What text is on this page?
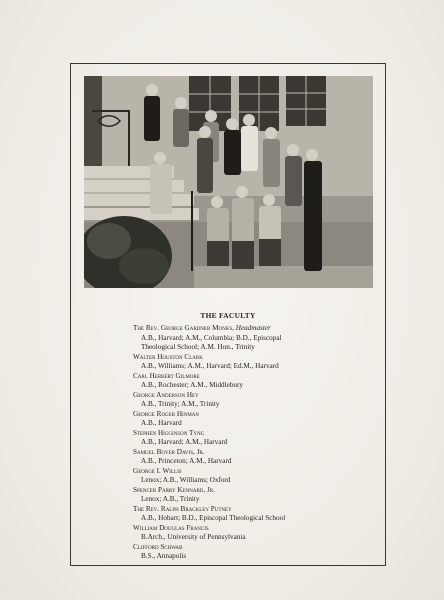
THE FACULTY
The Rev. George Gardner Monks, Headmaster
A.B., Harvard; A.M., Columbia; B.D., Episcopal
Theological School; A.M. Hon., Trinity
Walter Houston Clark
A.B., Williams; A.M., Harvard; Ed.M., Harvard
Carl Herbert Gilmore
A.B., Rochester; A.M., Middlebury
George Anderson Hey
A.B., Trinity; A.M., Trinity
George Roger Hinman
A.B., Harvard
Stephen Higginson Tyng
A.B., Harvard; A.M., Harvard
Samuel Boyer Davis, Jr.
A.B., Princeton; A.M., Harvard
George I. Willis
Lenox; A.B., Williams; Oxford
Spencer Parry Kennard, Jr.
Lenox; A.B., Trinity
The Rev. Ralph Brackley Putney
A.B., Hobart; B.D., Episcopal Theological School
William Douglas Francis
B.Arch., University of Pennsylvania
Clifford Schwab
B.S., Annapolis
